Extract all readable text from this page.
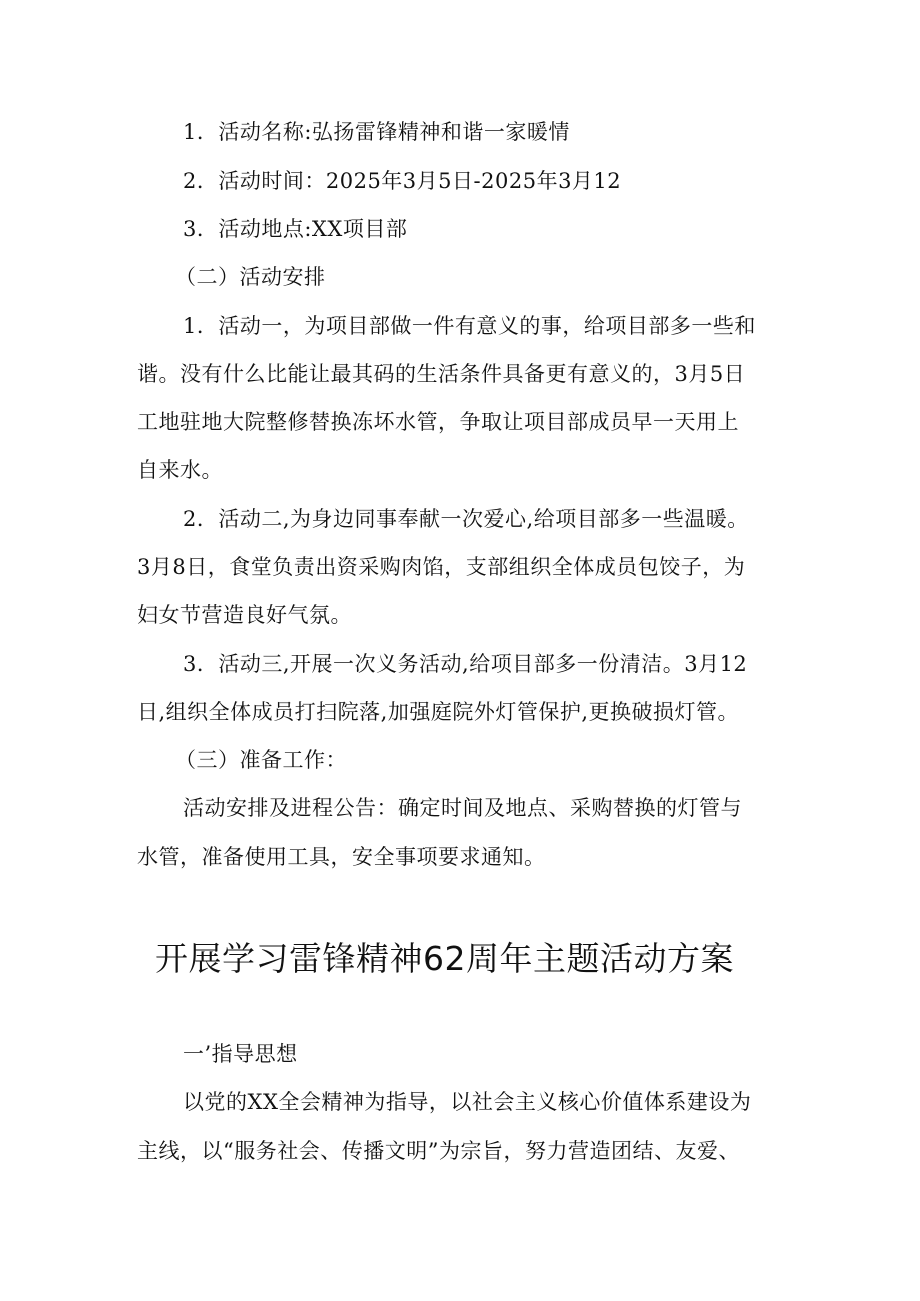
1．活动名称:弘扬雷锋精神和谐一家暖情
2．活动时间：2025年3月5日-2025年3月12
3．活动地点:XX项目部
（二）活动安排
1．活动一，为项目部做一件有意义的事，给项目部多一些和
谐。没有什么比能让最其码的生活条件具备更有意义的，3月5日
工地驻地大院整修替换冻坏水管，争取让项目部成员早一天用上
自来水。
2．活动二,为身边同事奉献一次爱心,给项目部多一些温暖。
3月8日，食堂负责出资采购肉馅，支部组织全体成员包饺子，为
妇女节营造良好气氛。
3．活动三,开展一次义务活动,给项目部多一份清洁。3月12
日,组织全体成员打扫院落,加强庭院外灯管保护,更换破损灯管。
（三）准备工作：
活动安排及进程公告：确定时间及地点、采购替换的灯管与
水管，准备使用工具，安全事项要求通知。
开展学习雷锋精神62周年主题活动方案
一’指导思想
以党的XX全会精神为指导，以社会主义核心价值体系建设为
主线，以“服务社会、传播文明”为宗旨，努力营造团结、友爱、
